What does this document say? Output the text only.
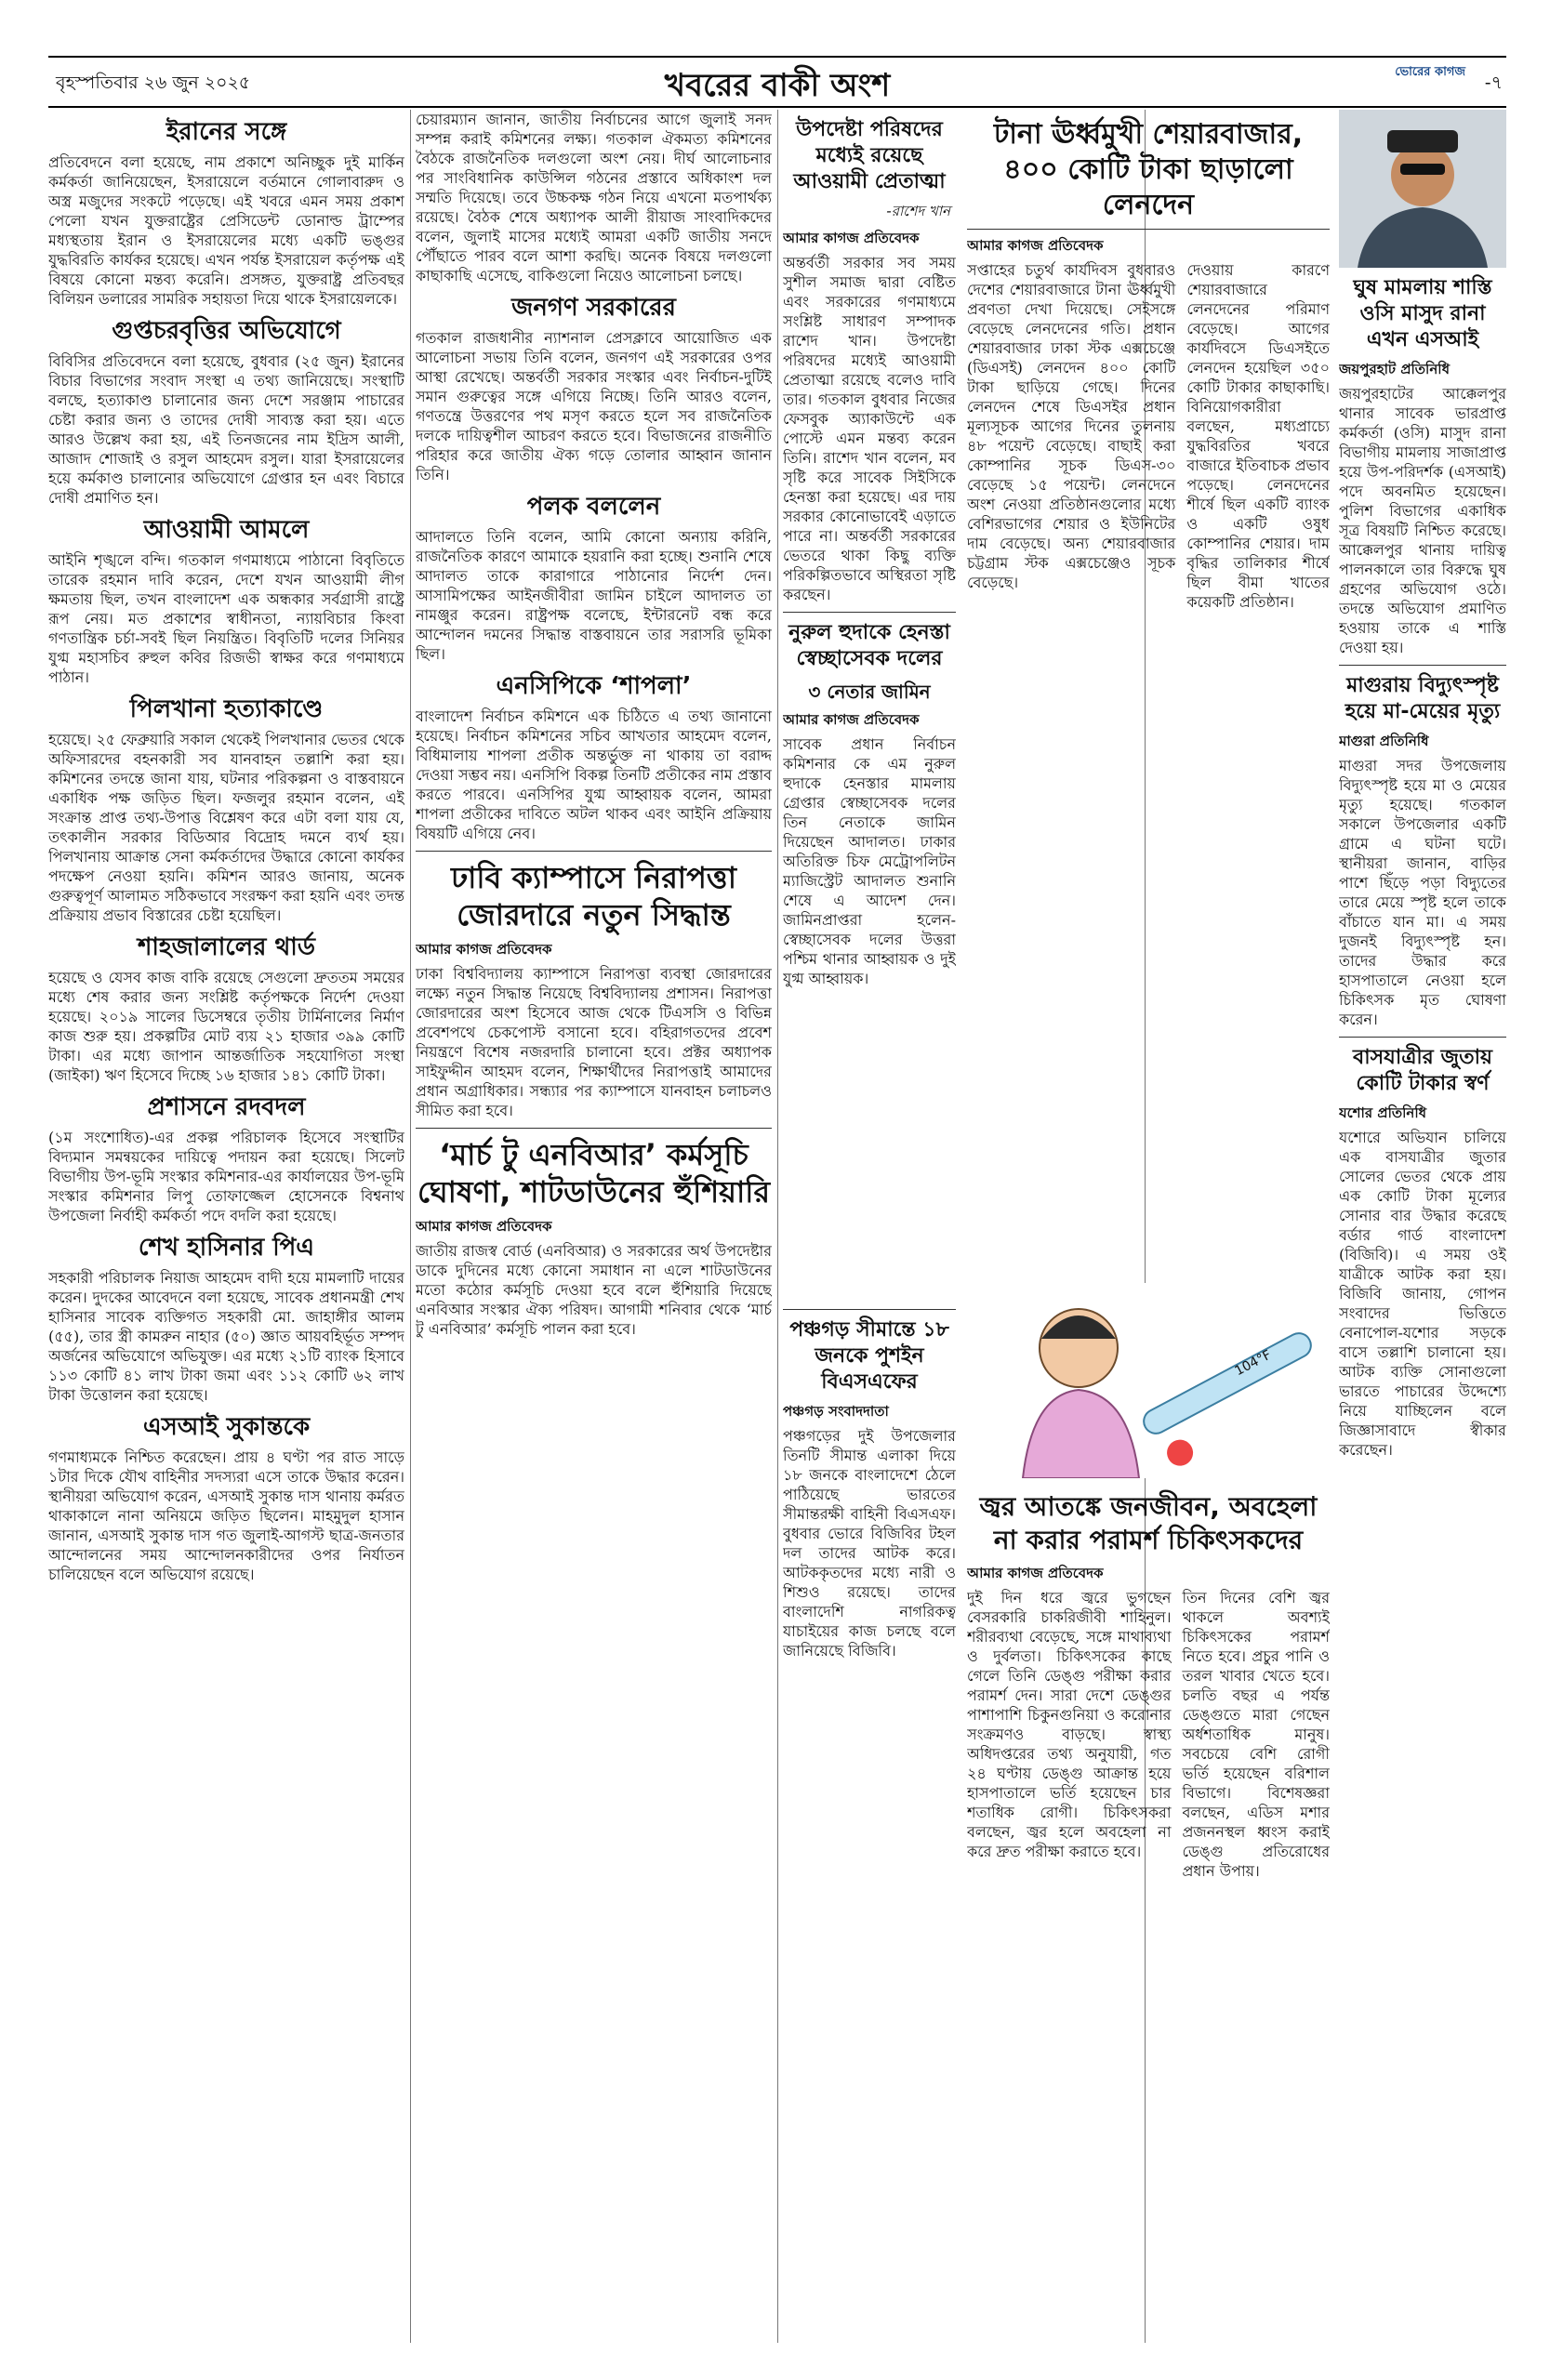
বৃহস্পতিবার ২৬ জুন ২০২৫	খবরের বাকী অংশ	ভোরের কাগজ
-৭
ইরানের সঙ্গে

প্রতিবেদনে বলা হয়েছে, নাম প্রকাশে অনিচ্ছুক দুই মার্কিন কর্মকর্তা জানিয়েছেন, ইসরায়েলে বর্তমানে গোলাবারুদ ও অস্ত্র মজুদের সংকটে পড়েছে। এই খবরে এমন সময় প্রকাশ পেলো যখন যুক্তরাষ্ট্রের প্রেসিডেন্ট ডোনাল্ড ট্রাম্পের মধ্যস্থতায় ইরান ও ইসরায়েলের মধ্যে একটি ভঙ্গুর যুদ্ধবিরতি কার্যকর হয়েছে। এখন পর্যন্ত ইসরায়েল কর্তৃপক্ষ এই বিষয়ে কোনো মন্তব্য করেনি। প্রসঙ্গত, যুক্তরাষ্ট্র প্রতিবছর বিলিয়ন ডলারের সামরিক সহায়তা দিয়ে থাকে ইসরায়েলকে।

গুপ্তচরবৃত্তির অভিযোগে

বিবিসির প্রতিবেদনে বলা হয়েছে, বুধবার (২৫ জুন) ইরানের বিচার বিভাগের সংবাদ সংস্থা এ তথ্য জানিয়েছে। সংস্থাটি বলছে, হত্যাকাণ্ড চালানোর জন্য দেশে সরঞ্জাম পাচারের চেষ্টা করার জন্য ও তাদের দোষী সাব্যস্ত করা হয়। এতে আরও উল্লেখ করা হয়, এই তিনজনের নাম ইদ্রিস আলী, আজাদ শোজাই ও রসুল আহমেদ রসুল। যারা ইসরায়েলের হয়ে কর্মকাণ্ড চালানোর অভিযোগে গ্রেপ্তার হন এবং বিচারে দোষী প্রমাণিত হন।

আওয়ামী আমলে

আইনি শৃঙ্খলে বন্দি। গতকাল গণমাধ্যমে পাঠানো বিবৃতিতে তারেক রহমান দাবি করেন, দেশে যখন আওয়ামী লীগ ক্ষমতায় ছিল, তখন বাংলাদেশ এক অন্ধকার সর্বগ্রাসী রাষ্ট্রে রূপ নেয়। মত প্রকাশের স্বাধীনতা, ন্যায়বিচার কিংবা গণতান্ত্রিক চর্চা-সবই ছিল নিয়ন্ত্রিত। বিবৃতিটি দলের সিনিয়র যুগ্ম মহাসচিব রুহুল কবির রিজভী স্বাক্ষর করে গণমাধ্যমে পাঠান।

পিলখানা হত্যাকাণ্ডে

হয়েছে। ২৫ ফেব্রুয়ারি সকাল থেকেই পিলখানার ভেতর থেকে অফিসারদের বহনকারী সব যানবাহন তল্লাশি করা হয়। কমিশনের তদন্তে জানা যায়, ঘটনার পরিকল্পনা ও বাস্তবায়নে একাধিক পক্ষ জড়িত ছিল। ফজলুর রহমান বলেন, এই সংক্রান্ত প্রাপ্ত তথ্য-উপাত্ত বিশ্লেষণ করে এটা বলা যায় যে, তৎকালীন সরকার বিডিআর বিদ্রোহ দমনে ব্যর্থ হয়। পিলখানায় আক্রান্ত সেনা কর্মকর্তাদের উদ্ধারে কোনো কার্যকর পদক্ষেপ নেওয়া হয়নি। কমিশন আরও জানায়, অনেক গুরুত্বপূর্ণ আলামত সঠিকভাবে সংরক্ষণ করা হয়নি এবং তদন্ত প্রক্রিয়ায় প্রভাব বিস্তারের চেষ্টা হয়েছিল।

শাহজালালের থার্ড

হয়েছে ও যেসব কাজ বাকি রয়েছে সেগুলো দ্রুততম সময়ের মধ্যে শেষ করার জন্য সংশ্লিষ্ট কর্তৃপক্ষকে নির্দেশ দেওয়া হয়েছে। ২০১৯ সালের ডিসেম্বরে তৃতীয় টার্মিনালের নির্মাণ কাজ শুরু হয়। প্রকল্পটির মোট ব্যয় ২১ হাজার ৩৯৯ কোটি টাকা। এর মধ্যে জাপান আন্তর্জাতিক সহযোগিতা সংস্থা (জাইকা) ঋণ হিসেবে দিচ্ছে ১৬ হাজার ১৪১ কোটি টাকা।

প্রশাসনে রদবদল

(১ম সংশোধিত)-এর প্রকল্প পরিচালক হিসেবে সংস্থাটির বিদ্যমান সমন্বয়কের দায়িত্বে পদায়ন করা হয়েছে। সিলেট বিভাগীয় উপ-ভূমি সংস্কার কমিশনার-এর কার্যালয়ের উপ-ভূমি সংস্কার কমিশনার লিপু তোফাজ্জেল হোসেনকে বিশ্বনাথ উপজেলা নির্বাহী কর্মকর্তা পদে বদলি করা হয়েছে।

শেখ হাসিনার পিএ

সহকারী পরিচালক নিয়াজ আহমেদ বাদী হয়ে মামলাটি দায়ের করেন। দুদকের আবেদনে বলা হয়েছে, সাবেক প্রধানমন্ত্রী শেখ হাসিনার সাবেক ব্যক্তিগত সহকারী মো. জাহাঙ্গীর আলম (৫৫), তার স্ত্রী কামরুন নাহার (৫০) জ্ঞাত আয়বহির্ভূত সম্পদ অর্জনের অভিযোগে অভিযুক্ত। এর মধ্যে ২১টি ব্যাংক হিসাবে ১১৩ কোটি ৪১ লাখ টাকা জমা এবং ১১২ কোটি ৬২ লাখ টাকা উত্তোলন করা হয়েছে।

এসআই সুকান্তকে

গণমাধ্যমকে নিশ্চিত করেছেন। প্রায় ৪ ঘণ্টা পর রাত সাড়ে ১টার দিকে যৌথ বাহিনীর সদস্যরা এসে তাকে উদ্ধার করেন। স্থানীয়রা অভিযোগ করেন, এসআই সুকান্ত দাস থানায় কর্মরত থাকাকালে নানা অনিয়মে জড়িত ছিলেন। মাহমুদুল হাসান জানান, এসআই সুকান্ত দাস গত জুলাই-আগস্ট ছাত্র-জনতার আন্দোলনের সময় আন্দোলনকারীদের ওপর নির্যাতন চালিয়েছেন বলে অভিযোগ রয়েছে।

চেয়ারম্যান জানান, জাতীয় নির্বাচনের আগে জুলাই সনদ সম্পন্ন করাই কমিশনের লক্ষ্য। গতকাল ঐকমত্য কমিশনের বৈঠকে রাজনৈতিক দলগুলো অংশ নেয়। দীর্ঘ আলোচনার পর সাংবিধানিক কাউন্সিল গঠনের প্রস্তাবে অধিকাংশ দল সম্মতি দিয়েছে। তবে উচ্চকক্ষ গঠন নিয়ে এখনো মতপার্থক্য রয়েছে। বৈঠক শেষে অধ্যাপক আলী রীয়াজ সাংবাদিকদের বলেন, জুলাই মাসের মধ্যেই আমরা একটি জাতীয় সনদে পৌঁছাতে পারব বলে আশা করছি। অনেক বিষয়ে দলগুলো কাছাকাছি এসেছে, বাকিগুলো নিয়েও আলোচনা চলছে।

জনগণ সরকারের

গতকাল রাজধানীর ন্যাশনাল প্রেসক্লাবে আয়োজিত এক আলোচনা সভায় তিনি বলেন, জনগণ এই সরকারের ওপর আস্থা রেখেছে। অন্তর্বর্তী সরকার সংস্কার এবং নির্বাচন-দুটিই সমান গুরুত্বের সঙ্গে এগিয়ে নিচ্ছে। তিনি আরও বলেন, গণতন্ত্রে উত্তরণের পথ মসৃণ করতে হলে সব রাজনৈতিক দলকে দায়িত্বশীল আচরণ করতে হবে। বিভাজনের রাজনীতি পরিহার করে জাতীয় ঐক্য গড়ে তোলার আহ্বান জানান তিনি।

পলক বললেন

আদালতে তিনি বলেন, আমি কোনো অন্যায় করিনি, রাজনৈতিক কারণে আমাকে হয়রানি করা হচ্ছে। শুনানি শেষে আদালত তাকে কারাগারে পাঠানোর নির্দেশ দেন। আসামিপক্ষের আইনজীবীরা জামিন চাইলে আদালত তা নামঞ্জুর করেন। রাষ্ট্রপক্ষ বলেছে, ইন্টারনেট বন্ধ করে আন্দোলন দমনের সিদ্ধান্ত বাস্তবায়নে তার সরাসরি ভূমিকা ছিল।

এনসিপিকে ‘শাপলা’

বাংলাদেশ নির্বাচন কমিশনে এক চিঠিতে এ তথ্য জানানো হয়েছে। নির্বাচন কমিশনের সচিব আখতার আহমেদ বলেন, বিধিমালায় শাপলা প্রতীক অন্তর্ভুক্ত না থাকায় তা বরাদ্দ দেওয়া সম্ভব নয়। এনসিপি বিকল্প তিনটি প্রতীকের নাম প্রস্তাব করতে পারবে। এনসিপির যুগ্ম আহ্বায়ক বলেন, আমরা শাপলা প্রতীকের দাবিতে অটল থাকব এবং আইনি প্রক্রিয়ায় বিষয়টি এগিয়ে নেব।

ঢাবি ক্যাম্পাসে নিরাপত্তা জোরদারে নতুন সিদ্ধান্ত
আমার কাগজ প্রতিবেদক

ঢাকা বিশ্ববিদ্যালয় ক্যাম্পাসে নিরাপত্তা ব্যবস্থা জোরদারের লক্ষ্যে নতুন সিদ্ধান্ত নিয়েছে বিশ্ববিদ্যালয় প্রশাসন। নিরাপত্তা জোরদারের অংশ হিসেবে আজ থেকে টিএসসি ও বিভিন্ন প্রবেশপথে চেকপোস্ট বসানো হবে। বহিরাগতদের প্রবেশ নিয়ন্ত্রণে বিশেষ নজরদারি চালানো হবে। প্রক্টর অধ্যাপক সাইফুদ্দীন আহমদ বলেন, শিক্ষার্থীদের নিরাপত্তাই আমাদের প্রধান অগ্রাধিকার। সন্ধ্যার পর ক্যাম্পাসে যানবাহন চলাচলও সীমিত করা হবে।

‘মার্চ টু এনবিআর’ কর্মসূচি ঘোষণা, শাটডাউনের হুঁশিয়ারি
আমার কাগজ প্রতিবেদক

জাতীয় রাজস্ব বোর্ড (এনবিআর) ও সরকারের অর্থ উপদেষ্টার ডাকে দুদিনের মধ্যে কোনো সমাধান না এলে শাটডাউনের মতো কঠোর কর্মসূচি দেওয়া হবে বলে হুঁশিয়ারি দিয়েছে এনবিআর সংস্কার ঐক্য পরিষদ। আগামী শনিবার থেকে ‘মার্চ টু এনবিআর’ কর্মসূচি পালন করা হবে।

উপদেষ্টা পরিষদের মধ্যেই রয়েছে আওয়ামী প্রেতাত্মা
-রাশেদ খান
আমার কাগজ প্রতিবেদক

অন্তর্বর্তী সরকার সব সময় সুশীল সমাজ দ্বারা বেষ্টিত এবং সরকারের গণমাধ্যমে সংশ্লিষ্ট সাধারণ সম্পাদক রাশেদ খান। উপদেষ্টা পরিষদের মধ্যেই আওয়ামী প্রেতাত্মা রয়েছে বলেও দাবি তার। গতকাল বুধবার নিজের ফেসবুক অ্যাকাউন্টে এক পোস্টে এমন মন্তব্য করেন তিনি। রাশেদ খান বলেন, মব সৃষ্টি করে সাবেক সিইসিকে হেনস্তা করা হয়েছে। এর দায় সরকার কোনোভাবেই এড়াতে পারে না। অন্তর্বর্তী সরকারের ভেতরে থাকা কিছু ব্যক্তি পরিকল্পিতভাবে অস্থিরতা সৃষ্টি করছেন।

নুরুল হুদাকে হেনস্তা স্বেচ্ছাসেবক দলের
৩ নেতার জামিন
আমার কাগজ প্রতিবেদক

সাবেক প্রধান নির্বাচন কমিশনার কে এম নুরুল হুদাকে হেনস্তার মামলায় গ্রেপ্তার স্বেচ্ছাসেবক দলের তিন নেতাকে জামিন দিয়েছেন আদালত। ঢাকার অতিরিক্ত চিফ মেট্রোপলিটন ম্যাজিস্ট্রেট আদালত শুনানি শেষে এ আদেশ দেন। জামিনপ্রাপ্তরা হলেন-স্বেচ্ছাসেবক দলের উত্তরা পশ্চিম থানার আহ্বায়ক ও দুই যুগ্ম আহ্বায়ক।

পঞ্চগড় সীমান্তে ১৮ জনকে পুশইন বিএসএফের
পঞ্চগড় সংবাদদাতা

পঞ্চগড়ের দুই উপজেলার তিনটি সীমান্ত এলাকা দিয়ে ১৮ জনকে বাংলাদেশে ঠেলে পাঠিয়েছে ভারতের সীমান্তরক্ষী বাহিনী বিএসএফ। বুধবার ভোরে বিজিবির টহল দল তাদের আটক করে। আটককৃতদের মধ্যে নারী ও শিশুও রয়েছে। তাদের বাংলাদেশি নাগরিকত্ব যাচাইয়ের কাজ চলছে বলে জানিয়েছে বিজিবি।

টানা ঊর্ধ্বমুখী শেয়ারবাজার, ৪০০ কোটি টাকা ছাড়ালো লেনদেন
আমার কাগজ প্রতিবেদক

সপ্তাহের চতুর্থ কার্যদিবস বুধবারও দেশের শেয়ারবাজারে টানা ঊর্ধ্বমুখী প্রবণতা দেখা দিয়েছে। সেইসঙ্গে বেড়েছে লেনদেনের গতি। প্রধান শেয়ারবাজার ঢাকা স্টক এক্সচেঞ্জে (ডিএসই) লেনদেন ৪০০ কোটি টাকা ছাড়িয়ে গেছে। দিনের লেনদেন শেষে ডিএসইর প্রধান মূল্যসূচক আগের দিনের তুলনায় ৪৮ পয়েন্ট বেড়েছে। বাছাই করা কোম্পানির সূচক ডিএস-৩০ বেড়েছে ১৫ পয়েন্ট। লেনদেনে অংশ নেওয়া প্রতিষ্ঠানগুলোর মধ্যে বেশিরভাগের শেয়ার ও ইউনিটের দাম বেড়েছে। অন্য শেয়ারবাজার চট্টগ্রাম স্টক এক্সচেঞ্জেও সূচক বেড়েছে।

দেওয়ায় কারণে শেয়ারবাজারে লেনদেনের পরিমাণ বেড়েছে। আগের কার্যদিবসে ডিএসইতে লেনদেন হয়েছিল ৩৫০ কোটি টাকার কাছাকাছি। বিনিয়োগকারীরা বলছেন, মধ্যপ্রাচ্যে যুদ্ধবিরতির খবরে বাজারে ইতিবাচক প্রভাব পড়েছে। লেনদেনের শীর্ষে ছিল একটি ব্যাংক ও একটি ওষুধ কোম্পানির শেয়ার। দাম বৃদ্ধির তালিকার শীর্ষে ছিল বীমা খাতের কয়েকটি প্রতিষ্ঠান।

104°F
জ্বর আতঙ্কে জনজীবন, অবহেলা না করার পরামর্শ চিকিৎসকদের
আমার কাগজ প্রতিবেদক

দুই দিন ধরে জ্বরে ভুগছেন বেসরকারি চাকরিজীবী শাহিনুল। শরীরব্যথা বেড়েছে, সঙ্গে মাথাব্যথা ও দুর্বলতা। চিকিৎসকের কাছে গেলে তিনি ডেঙ্গু পরীক্ষা করার পরামর্শ দেন। সারা দেশে ডেঙ্গুর পাশাপাশি চিকুনগুনিয়া ও করোনার সংক্রমণও বাড়ছে। স্বাস্থ্য অধিদপ্তরের তথ্য অনুযায়ী, গত ২৪ ঘণ্টায় ডেঙ্গু আক্রান্ত হয়ে হাসপাতালে ভর্তি হয়েছেন চার শতাধিক রোগী। চিকিৎসকরা বলছেন, জ্বর হলে অবহেলা না করে দ্রুত পরীক্ষা করাতে হবে।

তিন দিনের বেশি জ্বর থাকলে অবশ্যই চিকিৎসকের পরামর্শ নিতে হবে। প্রচুর পানি ও তরল খাবার খেতে হবে। চলতি বছর এ পর্যন্ত ডেঙ্গুতে মারা গেছেন অর্ধশতাধিক মানুষ। সবচেয়ে বেশি রোগী ভর্তি হয়েছেন বরিশাল বিভাগে। বিশেষজ্ঞরা বলছেন, এডিস মশার প্রজননস্থল ধ্বংস করাই ডেঙ্গু প্রতিরোধের প্রধান উপায়।

ঘুষ মামলায় শাস্তি ওসি মাসুদ রানা এখন এসআই
জয়পুরহাট প্রতিনিধি

জয়পুরহাটের আক্কেলপুর থানার সাবেক ভারপ্রাপ্ত কর্মকর্তা (ওসি) মাসুদ রানা বিভাগীয় মামলায় সাজাপ্রাপ্ত হয়ে উপ-পরিদর্শক (এসআই) পদে অবনমিত হয়েছেন। পুলিশ বিভাগের একাধিক সূত্র বিষয়টি নিশ্চিত করেছে। আক্কেলপুর থানায় দায়িত্ব পালনকালে তার বিরুদ্ধে ঘুষ গ্রহণের অভিযোগ ওঠে। তদন্তে অভিযোগ প্রমাণিত হওয়ায় তাকে এ শাস্তি দেওয়া হয়।

মাগুরায় বিদ্যুৎস্পৃষ্ট হয়ে মা-মেয়ের মৃত্যু
মাগুরা প্রতিনিধি

মাগুরা সদর উপজেলায় বিদ্যুৎস্পৃষ্ট হয়ে মা ও মেয়ের মৃত্যু হয়েছে। গতকাল সকালে উপজেলার একটি গ্রামে এ ঘটনা ঘটে। স্থানীয়রা জানান, বাড়ির পাশে ছিঁড়ে পড়া বিদ্যুতের তারে মেয়ে স্পৃষ্ট হলে তাকে বাঁচাতে যান মা। এ সময় দুজনই বিদ্যুৎস্পৃষ্ট হন। তাদের উদ্ধার করে হাসপাতালে নেওয়া হলে চিকিৎসক মৃত ঘোষণা করেন।

বাসযাত্রীর জুতায় কোটি টাকার স্বর্ণ
যশোর প্রতিনিধি

যশোরে অভিযান চালিয়ে এক বাসযাত্রীর জুতার সোলের ভেতর থেকে প্রায় এক কোটি টাকা মূল্যের সোনার বার উদ্ধার করেছে বর্ডার গার্ড বাংলাদেশ (বিজিবি)। এ সময় ওই যাত্রীকে আটক করা হয়। বিজিবি জানায়, গোপন সংবাদের ভিত্তিতে বেনাপোল-যশোর সড়কে বাসে তল্লাশি চালানো হয়। আটক ব্যক্তি সোনাগুলো ভারতে পাচারের উদ্দেশ্যে নিয়ে যাচ্ছিলেন বলে জিজ্ঞাসাবাদে স্বীকার করেছেন।
